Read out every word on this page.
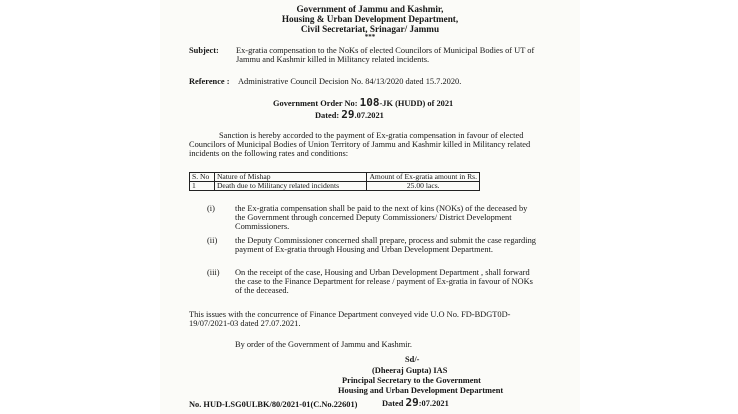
Government of Jammu and Kashmir,
Housing & Urban Development Department,
Civil Secretariat, Srinagar/ Jammu
***
Subject: Ex-gratia compensation to the NoKs of elected Councilors of Municipal Bodies of UT of Jammu and Kashmir killed in Militancy related incidents.
Reference : Administrative Council Decision No. 84/13/2020 dated 15.7.2020.
Government Order No: 108-JK (HUDD) of 2021
Dated: 29.07.2021
Sanction is hereby accorded to the payment of Ex-gratia compensation in favour of elected Councilors of Municipal Bodies of Union Territory of Jammu and Kashmir killed in Militancy related incidents on the following rates and conditions:
S. No	Nature of Mishap	Amount of Ex-gratia amount in Rs.
1	Death due to Militancy related incidents	25.00 lacs.
(i) the Ex-gratia compensation shall be paid to the next of kins (NOKs) of the deceased by the Government through concerned Deputy Commissioners/ District Development Commissioners.
(ii) the Deputy Commissioner concerned shall prepare, process and submit the case regarding payment of Ex-gratia through Housing and Urban Development Department.
(iii) On the receipt of the case, Housing and Urban Development Department , shall forward the case to the Finance Department for release / payment of Ex-gratia in favour of NOKs of the deceased.
This issues with the concurrence of Finance Department conveyed vide U.O No. FD-BDGT0D-19/07/2021-03 dated 27.07.2021.
By order of the Government of Jammu and Kashmir.
Sd/-
(Dheeraj Gupta) IAS
Principal Secretary to the Government
Housing and Urban Development Department
No. HUD-LSG0ULBK/80/2021-01(C.No.22601)	Dated 29:07.2021
